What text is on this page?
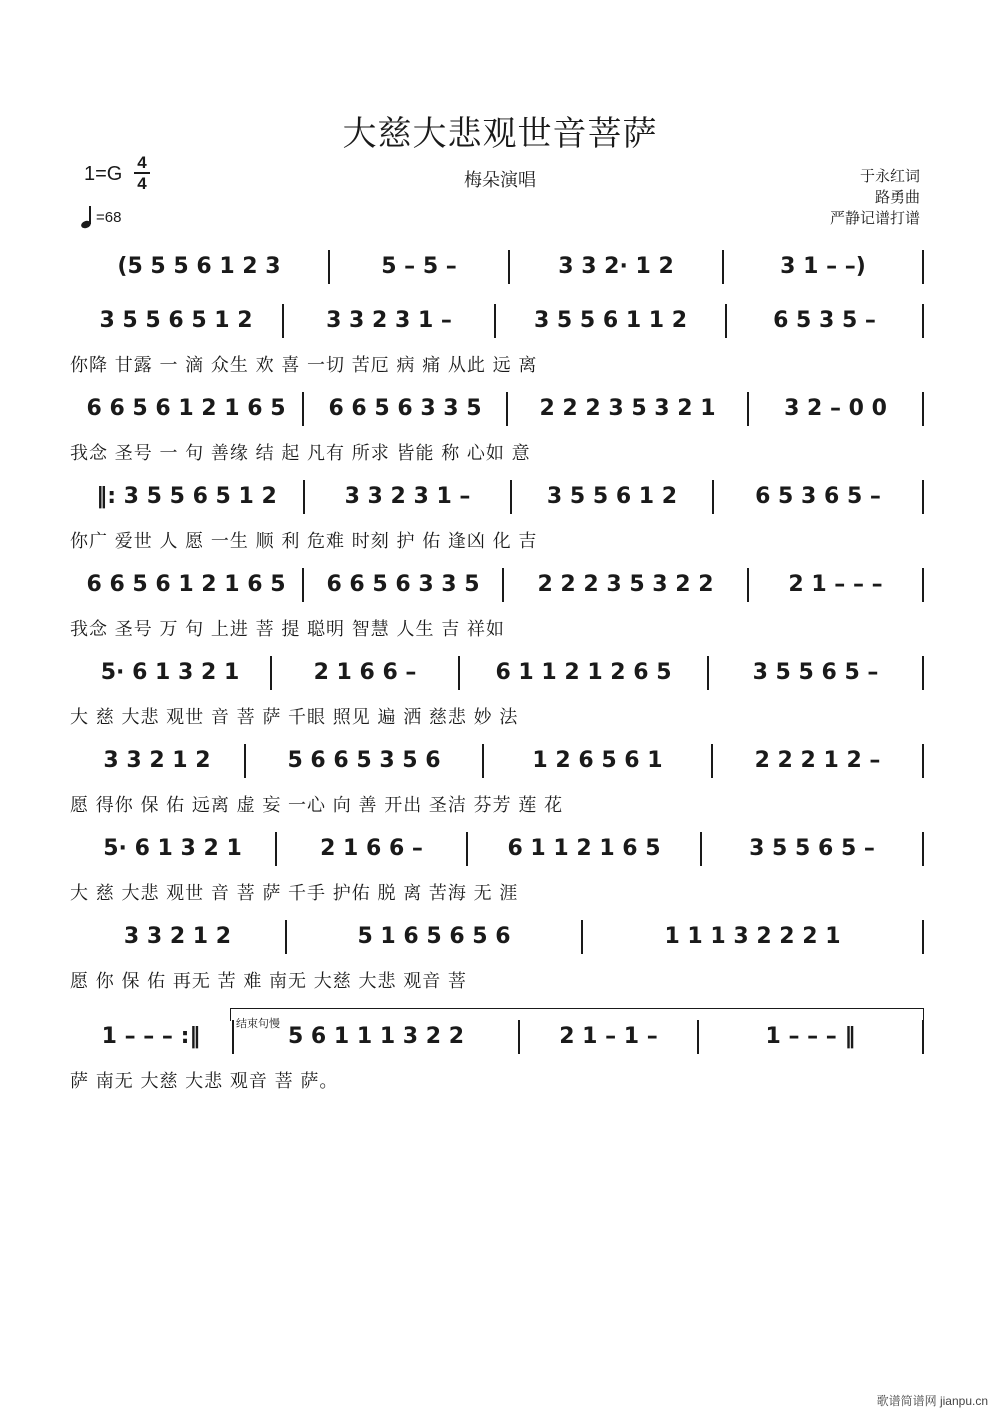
大慈大悲观世音菩萨
1=G
4
4
=68
梅朵演唱	于永红词
路勇曲
严静记谱打谱
(5 5 5 6 1 2 3	5 – 5 –	3 3 2· 1 2	3 1 – –)
3 5 5 6 5 1 2	3 3 2 3 1 –	3 5 5 6 1 1 2	6 5 3 5 –
你降 甘露 一 滴 众生 欢 喜 一切 苦厄 病 痛 从此 远 离
6 6 5 6 1 2 1 6 5 6 6 5 6 3 3 5	2 2 2 3 5 3 2 1	3 2 – 0 0
我念 圣号 一 句 善缘 结 起 凡有 所求 皆能 称 心如 意
‖: 3 5 5 6 5 1 2	3 3 2 3 1 –	3 5 5 6 1 2	6 5 3 6 5 –
你广 爱世 人 愿 一生 顺 利 危难 时刻 护 佑 逢凶 化 吉
6 6 5 6 1 2 1 6 5 6 6 5 6 3 3 5	2 2 2 3 5 3 2 2	2 1 – – –
我念 圣号 万 句 上进 菩 提 聪明 智慧 人生 吉 祥如
5· 6 1 3 2 1	2 1 6 6 –	6 1 1 2 1 2 6 5	3 5 5 6 5 –
大 慈 大悲 观世 音 菩 萨 千眼 照见 遍 洒 慈悲 妙 法
3 3 2 1 2	5 6 6 5 3 5 6	1 2 6 5 6 1	2 2 2 1 2 –
愿 得你 保 佑 远离 虚 妄 一心 向 善 开出 圣洁 芬芳 莲 花
5· 6 1 3 2 1	2 1 6 6 –	6 1 1 2 1 6 5	3 5 5 6 5 –
大 慈 大悲 观世 音 菩 萨 千手 护佑 脱 离 苦海 无 涯
3 3 2 1 2	5 1 6 5 6 5 6	1 1 1 3 2 2 2 1
愿 你 保 佑 再无 苦 难 南无 大慈 大悲 观音 菩
1 – – – :‖	5 6 1 1 1 3 2 2	2 1 – 1 –	1 – – – ‖
萨 南无 大慈 大悲 观音 菩 萨。
结束句慢
歌谱简谱网 jianpu.cn
